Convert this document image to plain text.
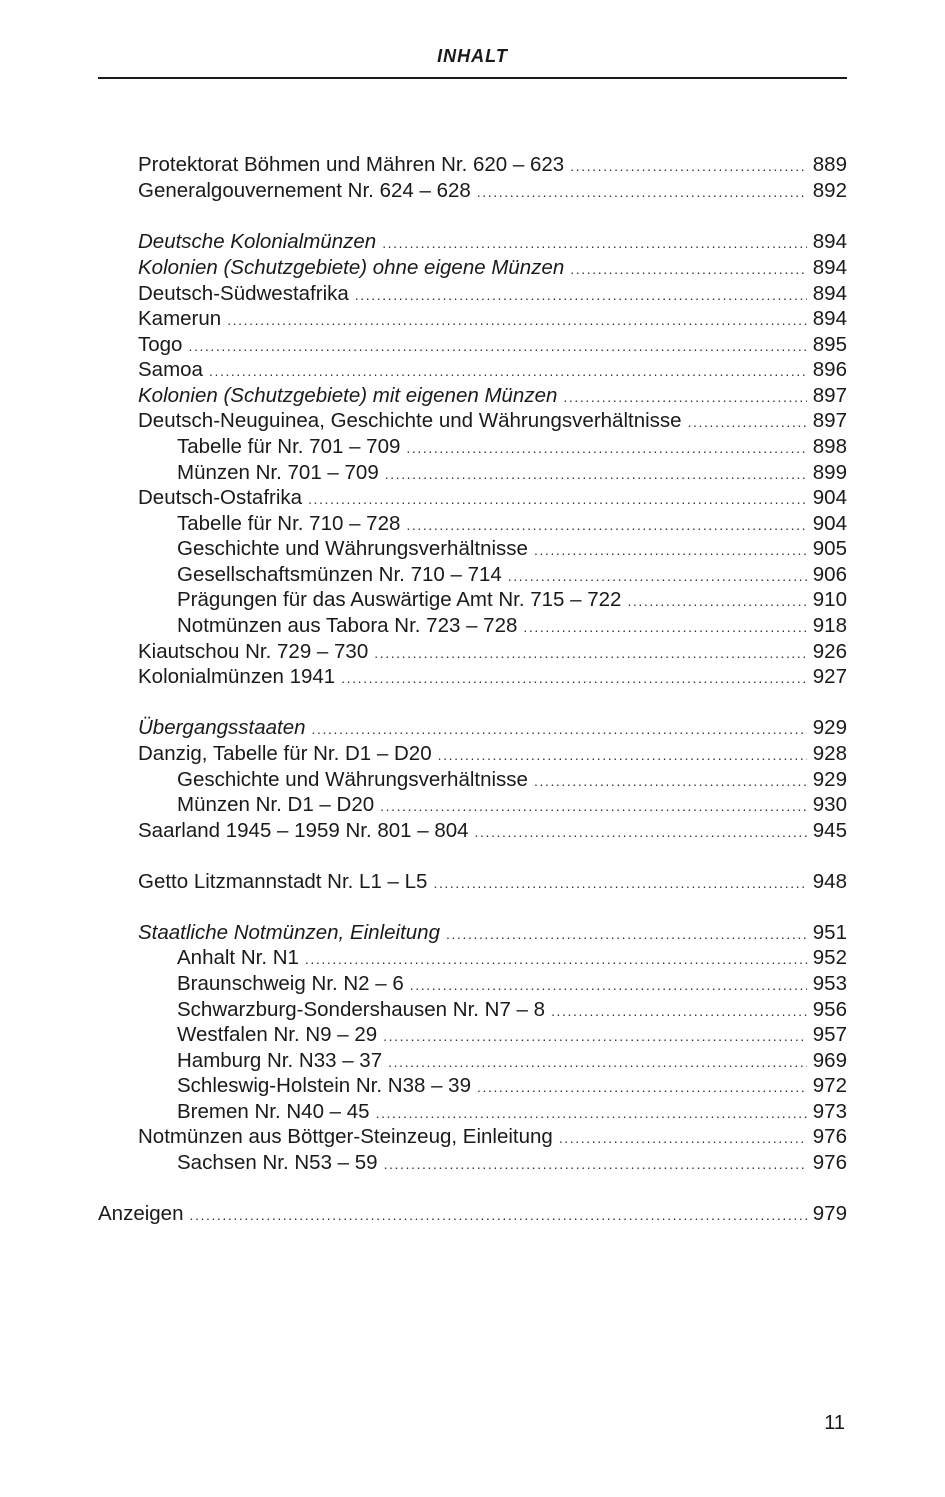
INHALT
Protektorat Böhmen und Mähren Nr. 620 – 623 .....	889
Generalgouvernement Nr. 624 – 628 .....	892
Deutsche Kolonialmünzen .....	894
Kolonien (Schutzgebiete) ohne eigene Münzen .....	894
Deutsch-Südwestafrika .....	894
Kamerun .....	894
Togo .....	895
Samoa .....	896
Kolonien (Schutzgebiete) mit eigenen Münzen .....	897
Deutsch-Neuguinea, Geschichte und Währungsverhältnisse .....	897
Tabelle für Nr. 701 – 709 .....	898
Münzen Nr. 701 – 709 .....	899
Deutsch-Ostafrika .....	904
Tabelle für Nr. 710 – 728 .....	904
Geschichte und Währungsverhältnisse .....	905
Gesellschaftsmünzen Nr. 710 – 714 .....	906
Prägungen für das Auswärtige Amt Nr. 715 – 722 .....	910
Notmünzen aus Tabora Nr. 723 – 728 .....	918
Kiautschou Nr. 729 – 730 .....	926
Kolonialmünzen 1941 .....	927
Übergangsstaaten .....	929
Danzig, Tabelle für Nr. D1 – D20 .....	928
Geschichte und Währungsverhältnisse .....	929
Münzen Nr. D1 – D20 .....	930
Saarland 1945 – 1959 Nr. 801 – 804 .....	945
Getto Litzmannstadt Nr. L1 – L5 .....	948
Staatliche Notmünzen, Einleitung .....	951
Anhalt Nr. N1 .....	952
Braunschweig Nr. N2 – 6 .....	953
Schwarzburg-Sondershausen Nr. N7 – 8 .....	956
Westfalen Nr. N9 – 29 .....	957
Hamburg Nr. N33 – 37 .....	969
Schleswig-Holstein Nr. N38 – 39 .....	972
Bremen Nr. N40 – 45 .....	973
Notmünzen aus Böttger-Steinzeug, Einleitung .....	976
Sachsen Nr. N53 – 59 .....	976
Anzeigen .....	979
11
